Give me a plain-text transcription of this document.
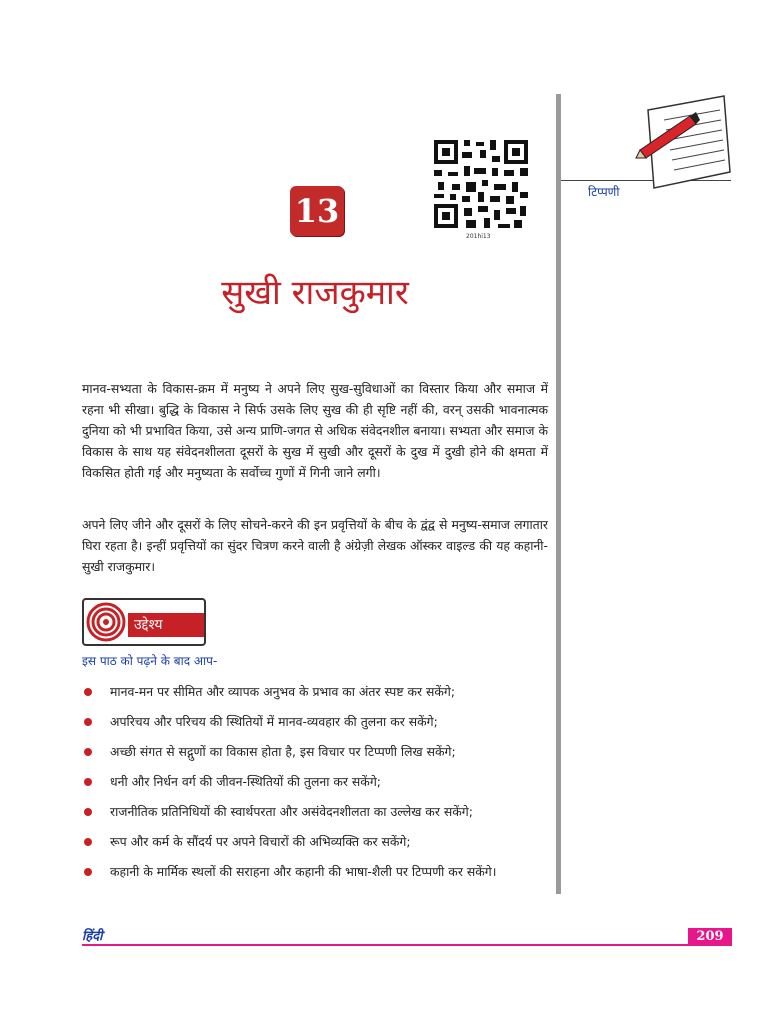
टिप्पणी
201hi13
13
सुखी राजकुमार

मानव-सभ्यता के विकास-क्रम में मनुष्य ने अपने लिए सुख-सुविधाओं का विस्तार किया और समाज में रहना भी सीखा। बुद्धि के विकास ने सिर्फ उसके लिए सुख की ही सृष्टि नहीं की, वरन् उसकी भावनात्मक दुनिया को भी प्रभावित किया, उसे अन्य प्राणि-जगत से अधिक संवेदनशील बनाया। सभ्यता और समाज के विकास के साथ यह संवेदनशीलता दूसरों के सुख में सुखी और दूसरों के दुख में दुखी होने की क्षमता में विकसित होती गई और मनुष्यता के सर्वोच्च गुणों में गिनी जाने लगी।

अपने लिए जीने और दूसरों के लिए सोचने-करने की इन प्रवृत्तियों के बीच के द्वंद्व से मनुष्य-समाज लगातार घिरा रहता है। इन्हीं प्रवृत्तियों का सुंदर चित्रण करने वाली है अंग्रेज़ी लेखक ऑस्कर वाइल्ड की यह कहानी-सुखी राजकुमार।

उद्देश्य
इस पाठ को पढ़ने के बाद आप-
मानव-मन पर सीमित और व्यापक अनुभव के प्रभाव का अंतर स्पष्ट कर सकेंगे;
अपरिचय और परिचय की स्थितियों में मानव-व्यवहार की तुलना कर सकेंगे;
अच्छी संगत से सद्गुणों का विकास होता है, इस विचार पर टिप्पणी लिख सकेंगे;
धनी और निर्धन वर्ग की जीवन-स्थितियों की तुलना कर सकेंगे;
राजनीतिक प्रतिनिधियों की स्वार्थपरता और असंवेदनशीलता का उल्लेख कर सकेंगे;
रूप और कर्म के सौंदर्य पर अपने विचारों की अभिव्यक्ति कर सकेंगे;
कहानी के मार्मिक स्थलों की सराहना और कहानी की भाषा-शैली पर टिप्पणी कर सकेंगे।
हिंदी	209
